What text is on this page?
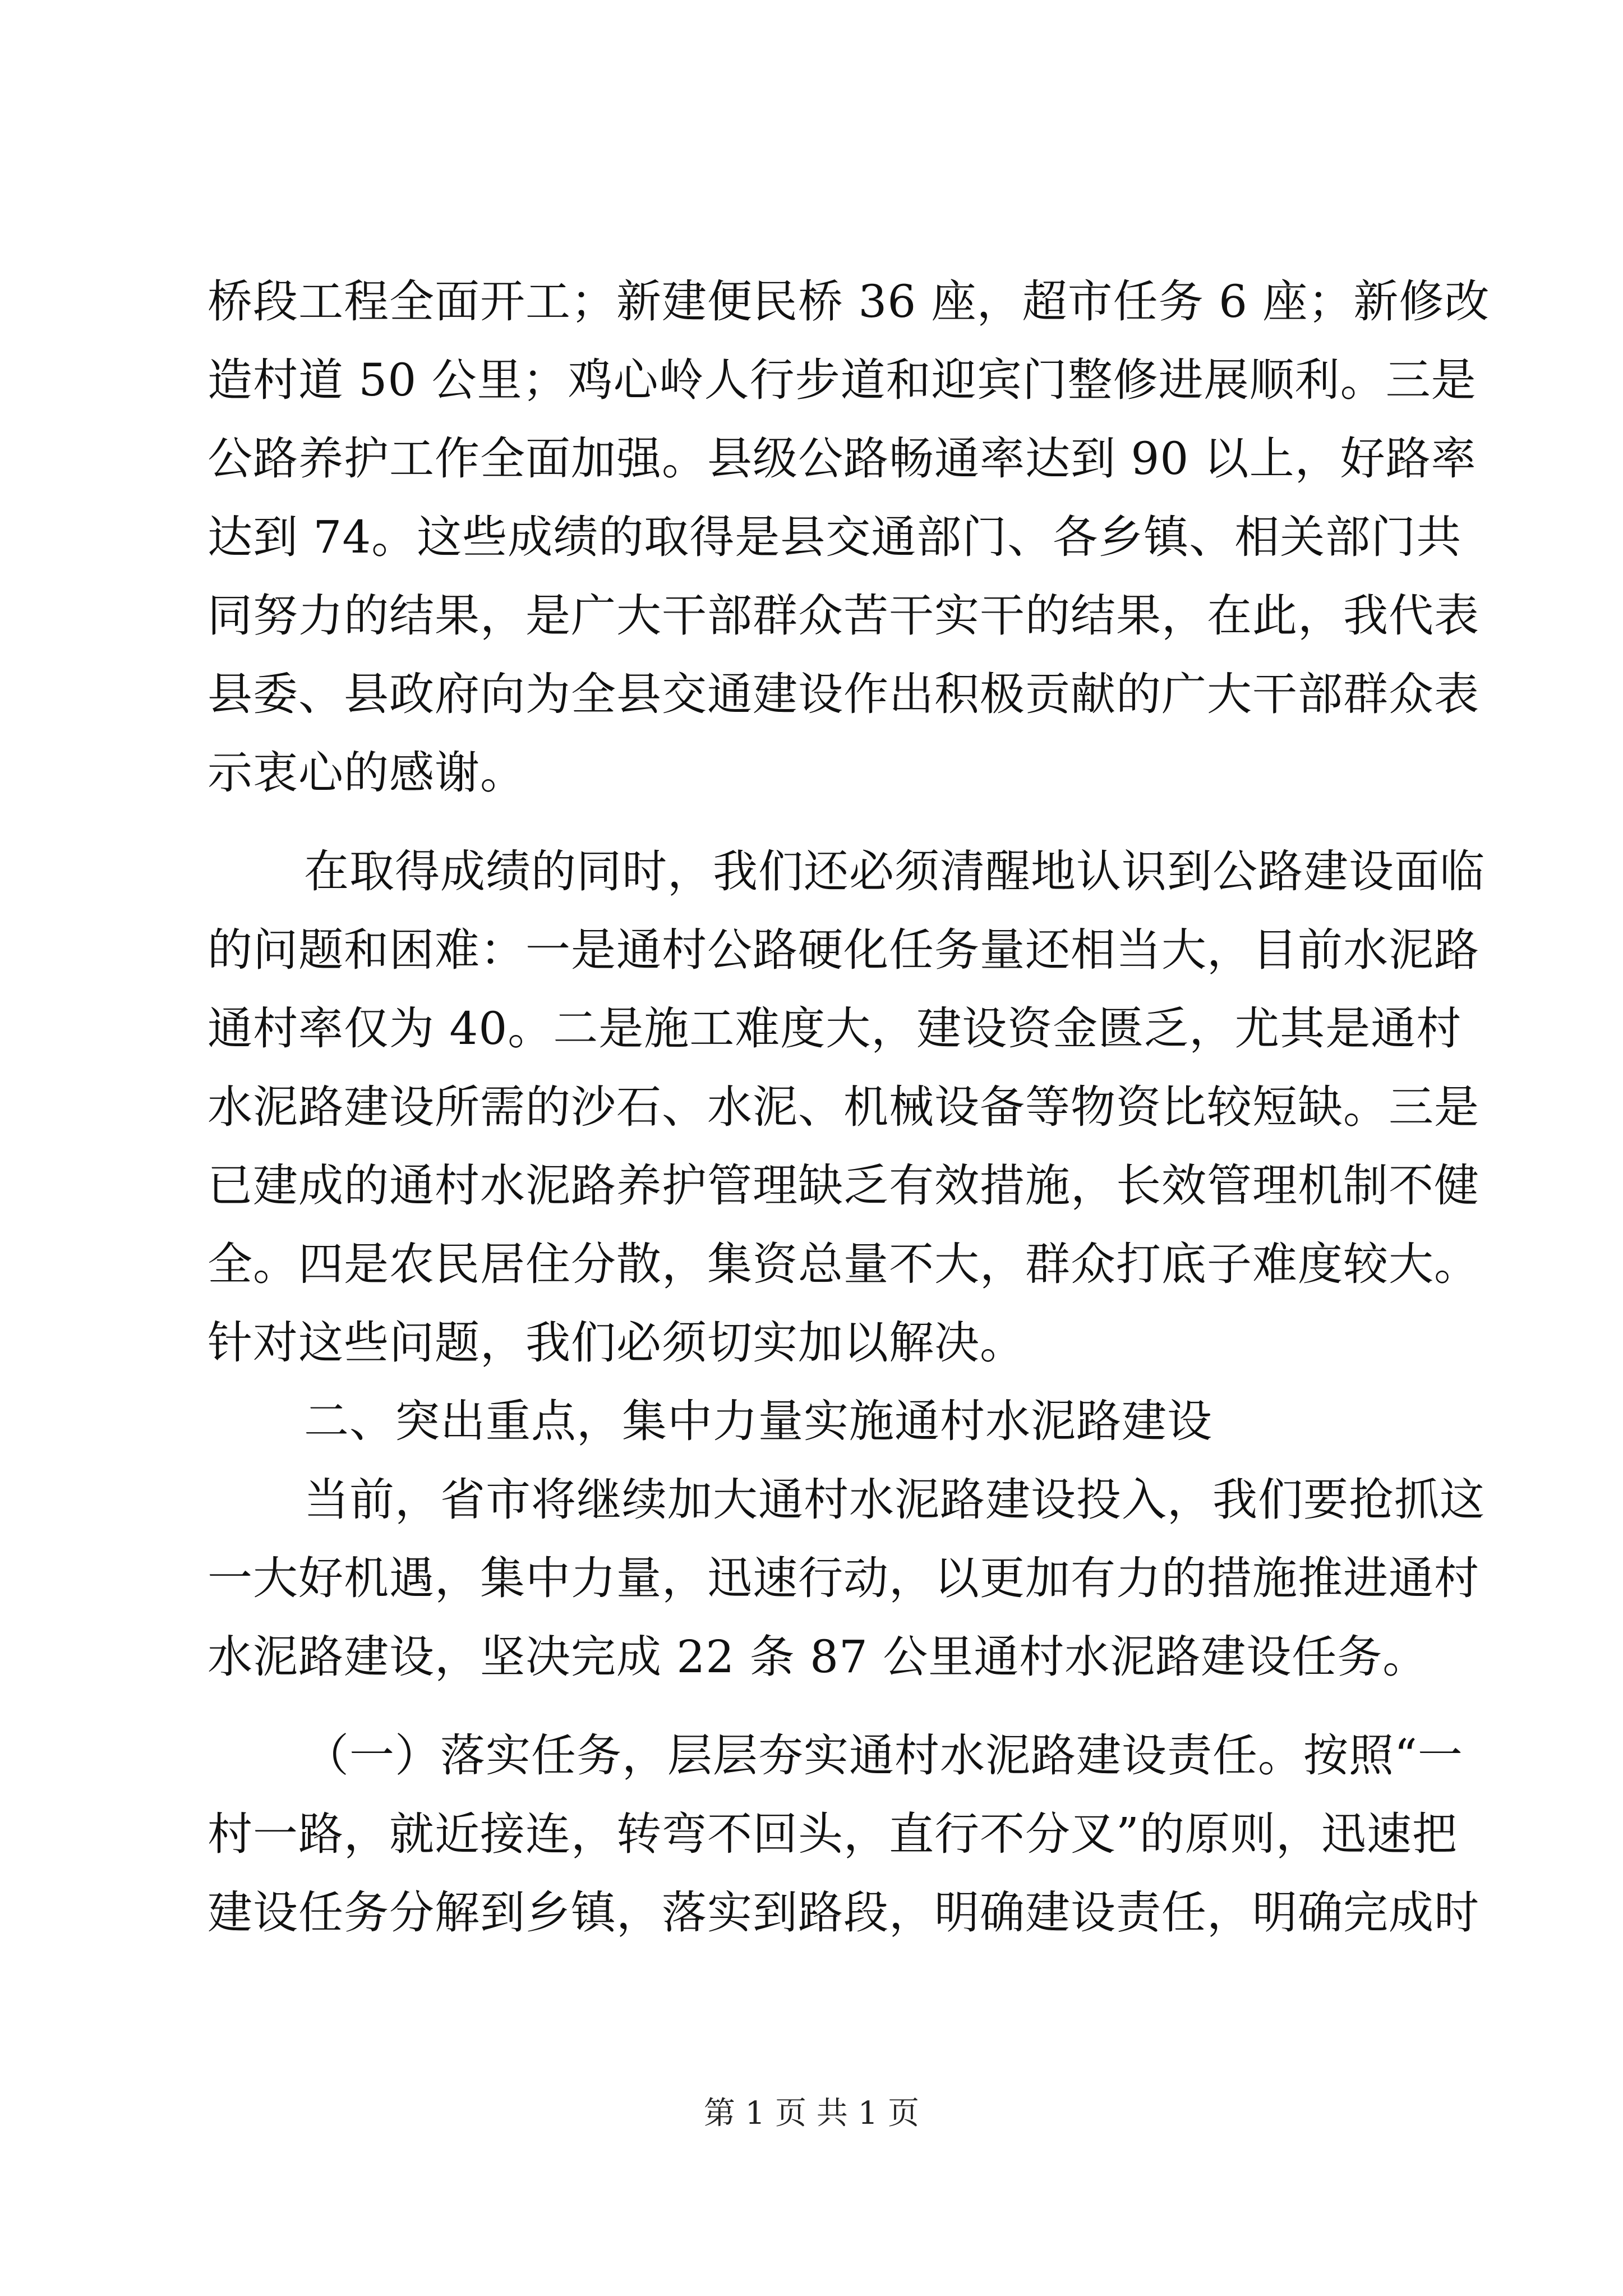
桥段工程全面开工；新建便民桥 36 座，超市任务 6 座；新修改
造村道 50 公里；鸡心岭人行步道和迎宾门整修进展顺利。三是
公路养护工作全面加强。县级公路畅通率达到 90 以上，好路率
达到 74。这些成绩的取得是县交通部门、各乡镇、相关部门共
同努力的结果，是广大干部群众苦干实干的结果，在此，我代表
县委、县政府向为全县交通建设作出积极贡献的广大干部群众表
示衷心的感谢。
在取得成绩的同时，我们还必须清醒地认识到公路建设面临
的问题和困难：一是通村公路硬化任务量还相当大，目前水泥路
通村率仅为 40。二是施工难度大，建设资金匮乏，尤其是通村
水泥路建设所需的沙石、水泥、机械设备等物资比较短缺。三是
已建成的通村水泥路养护管理缺乏有效措施，长效管理机制不健
全。四是农民居住分散，集资总量不大，群众打底子难度较大。
针对这些问题，我们必须切实加以解决。
二、突出重点，集中力量实施通村水泥路建设
当前，省市将继续加大通村水泥路建设投入，我们要抢抓这
一大好机遇，集中力量，迅速行动，以更加有力的措施推进通村
水泥路建设，坚决完成 22 条 87 公里通村水泥路建设任务。
（一）落实任务，层层夯实通村水泥路建设责任。按照“一
村一路，就近接连，转弯不回头，直行不分叉”的原则，迅速把
建设任务分解到乡镇，落实到路段，明确建设责任，明确完成时
第 1 页 共 1 页
